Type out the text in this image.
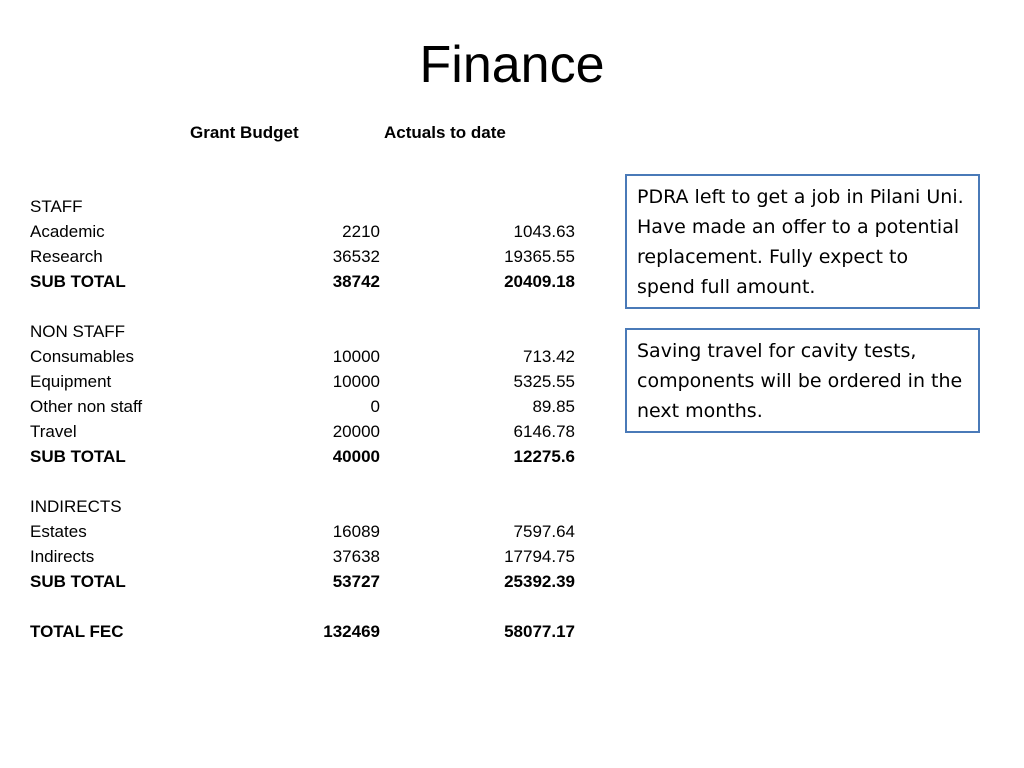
Finance
Grant Budget	Actuals to date
STAFF
Academic	2210	1043.63
Research	36532	19365.55
SUB TOTAL	38742	20409.18
NON STAFF
Consumables	10000	713.42
Equipment	10000	5325.55
Other non staff	0	89.85
Travel	20000	6146.78
SUB TOTAL	40000	12275.6
INDIRECTS
Estates	16089	7597.64
Indirects	37638	17794.75
SUB TOTAL	53727	25392.39
TOTAL FEC	132469	58077.17
PDRA left to get a job in Pilani Uni. Have made an offer to a potential replacement. Fully expect to spend full amount.
Saving travel for cavity tests, components will be ordered in the next months.
